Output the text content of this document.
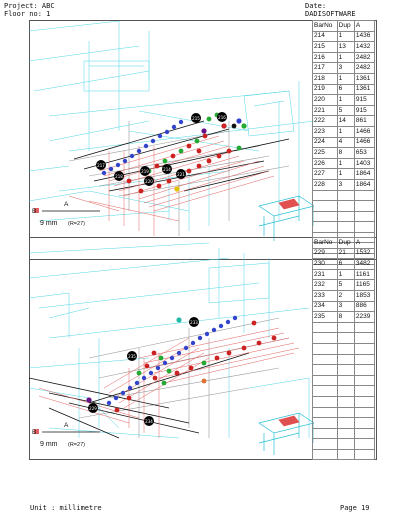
Project: ABC
Floor no: 1
Date:
DADISOFTWARE
214
215	216
217
218
219
220
221
A
B
9 mm (R=27)
BarNo	Dup	A
214	1	1436
215	13	1432
216	1	2482
217	3	2482
218	1	1361
219	6	1361
220	1	915
221	5	915
222	14	861
223	1	1466
224	4	1466
225	8	653
226	1	1403
227	1	1864
228	3	1864

229
233
234
235
A
B
9 mm (R=27)
BarNo	Dup	A
229	21	1532
230	6	3482
231	1	1161
232	5	1165
233	2	1853
234	3	886
235	8	2239

Unit : millimetre	Page 19
